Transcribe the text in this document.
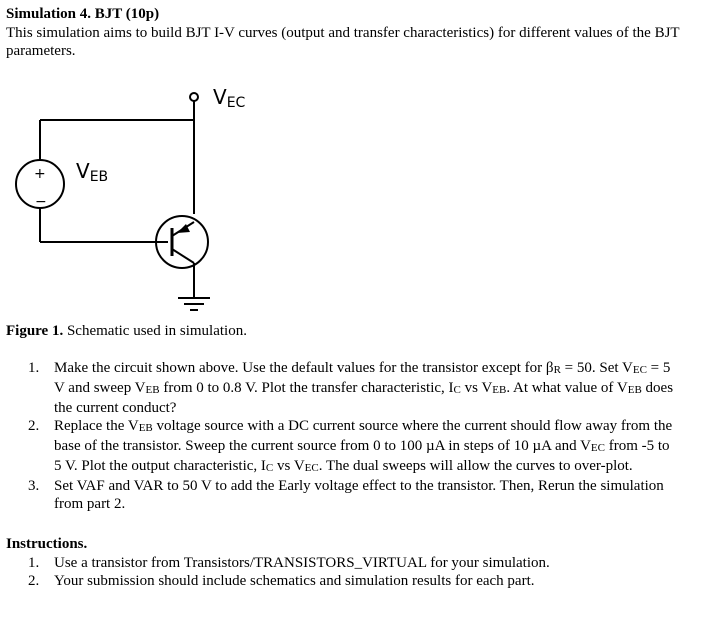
Simulation 4. BJT (10p)
This simulation aims to build BJT I-V curves (output and transfer characteristics) for different values of the BJT parameters.
+
−
VEC
VEB
Figure 1. Schematic used in simulation.
1. Make the circuit shown above. Use the default values for the transistor except for βR = 50. Set VEC = 5 V and sweep VEB from 0 to 0.8 V. Plot the transfer characteristic, IC vs VEB. At what value of VEB does the current conduct?
2. Replace the VEB voltage source with a DC current source where the current should flow away from the base of the transistor. Sweep the current source from 0 to 100 µA in steps of 10 µA and VEC from -5 to 5 V. Plot the output characteristic, IC vs VEC. The dual sweeps will allow the curves to over-plot.
3. Set VAF and VAR to 50 V to add the Early voltage effect to the transistor. Then, Rerun the simulation from part 2.
Instructions.
1. Use a transistor from Transistors/TRANSISTORS_VIRTUAL for your simulation.
2. Your submission should include schematics and simulation results for each part.
